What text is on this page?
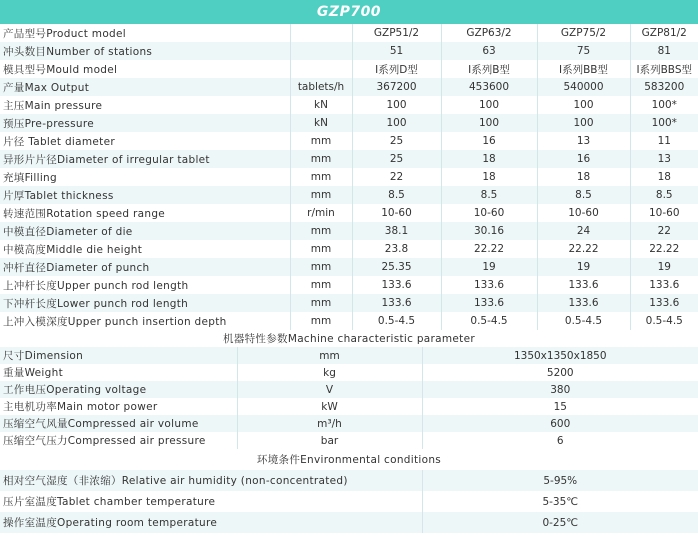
GZP700
产品型号Product model		GZP51/2	GZP63/2	GZP75/2	GZP81/2
冲头数目Number of stations		51	63	75	81
模具型号Mould model		I系列D型	I系列B型	I系列BB型	I系列BBS型
产量Max Output	tablets/h	367200	453600	540000	583200
主压Main pressure	kN	100	100	100	100*
预压Pre-pressure	kN	100	100	100	100*
片径 Tablet diameter	mm	25	16	13	11
异形片片径Diameter of irregular tablet	mm	25	18	16	13
充填Filling	mm	22	18	18	18
片厚Tablet thickness	mm	8.5	8.5	8.5	8.5
转速范围Rotation speed range	r/min	10-60	10-60	10-60	10-60
中模直径Diameter of die	mm	38.1	30.16	24	22
中模高度Middle die height	mm	23.8	22.22	22.22	22.22
冲杆直径Diameter of punch	mm	25.35	19	19	19
上冲杆长度Upper punch rod length	mm	133.6	133.6	133.6	133.6
下冲杆长度Lower punch rod length	mm	133.6	133.6	133.6	133.6
上冲入模深度Upper punch insertion depth	mm	0.5-4.5	0.5-4.5	0.5-4.5	0.5-4.5
机器特性参数Machine characteristic parameter		
尺寸Dimension	mm	1350x1350x1850
重量Weight	kg	5200
工作电压Operating voltage	V	380
主电机功率Main motor power	kW	15
压缩空气风量Compressed air volume	m³/h	600
压缩空气压力Compressed air pressure	bar	6
环境条件Environmental conditions	
相对空气湿度（非浓缩）Relative air humidity (non-concentrated)	5-95%
压片室温度Tablet chamber temperature	5-35℃
操作室温度Operating room temperature	0-25℃
